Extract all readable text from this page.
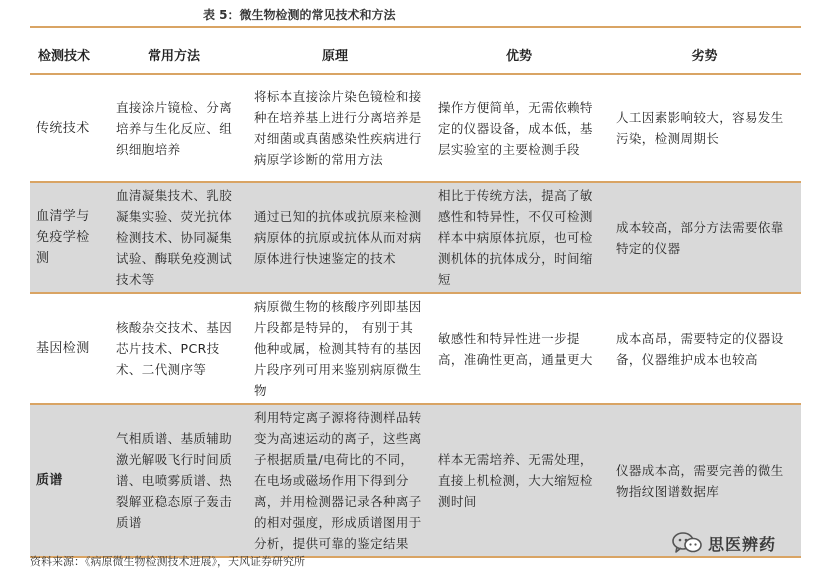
表 5：微生物检测的常见技术和方法
检测技术	常用方法	原理	优势	劣势
传统技术	直接涂片镜检、分离培养与生化反应、组织细胞培养	将标本直接涂片染色镜检和接种在培养基上进行分离培养是对细菌或真菌感染性疾病进行病原学诊断的常用方法	操作方便简单，无需依赖特定的仪器设备，成本低，基层实验室的主要检测手段	人工因素影响较大，容易发生污染，检测周期长
血清学与免疫学检测	血清凝集技术、乳胶凝集实验、荧光抗体检测技术、协同凝集试验、酶联免疫测试技术等	通过已知的抗体或抗原来检测病原体的抗原或抗体从而对病原体进行快速鉴定的技术	相比于传统方法，提高了敏感性和特异性，不仅可检测样本中病原体抗原，也可检测机体的抗体成分，时间缩短	成本较高，部分方法需要依靠特定的仪器
基因检测	核酸杂交技术、基因芯片技术、PCR技术、二代测序等	病原微生物的核酸序列即基因片段都是特异的， 有别于其他种或属，检测其特有的基因片段序列可用来鉴别病原微生物	敏感性和特异性进一步提高，准确性更高，通量更大	成本高昂，需要特定的仪器设备，仪器维护成本也较高
质谱	气相质谱、基质辅助激光解吸飞行时间质谱、电喷雾质谱、热裂解亚稳态原子轰击质谱	利用特定离子源将待测样品转变为高速运动的离子，这些离子根据质量/电荷比的不同，在电场或磁场作用下得到分离，并用检测器记录各种离子的相对强度，形成质谱图用于分析，提供可靠的鉴定结果	样本无需培养、无需处理，直接上机检测，大大缩短检测时间	仪器成本高，需要完善的微生物指纹图谱数据库
资料来源：《病原微生物检测技术进展》，天风证券研究所
思医辨药
